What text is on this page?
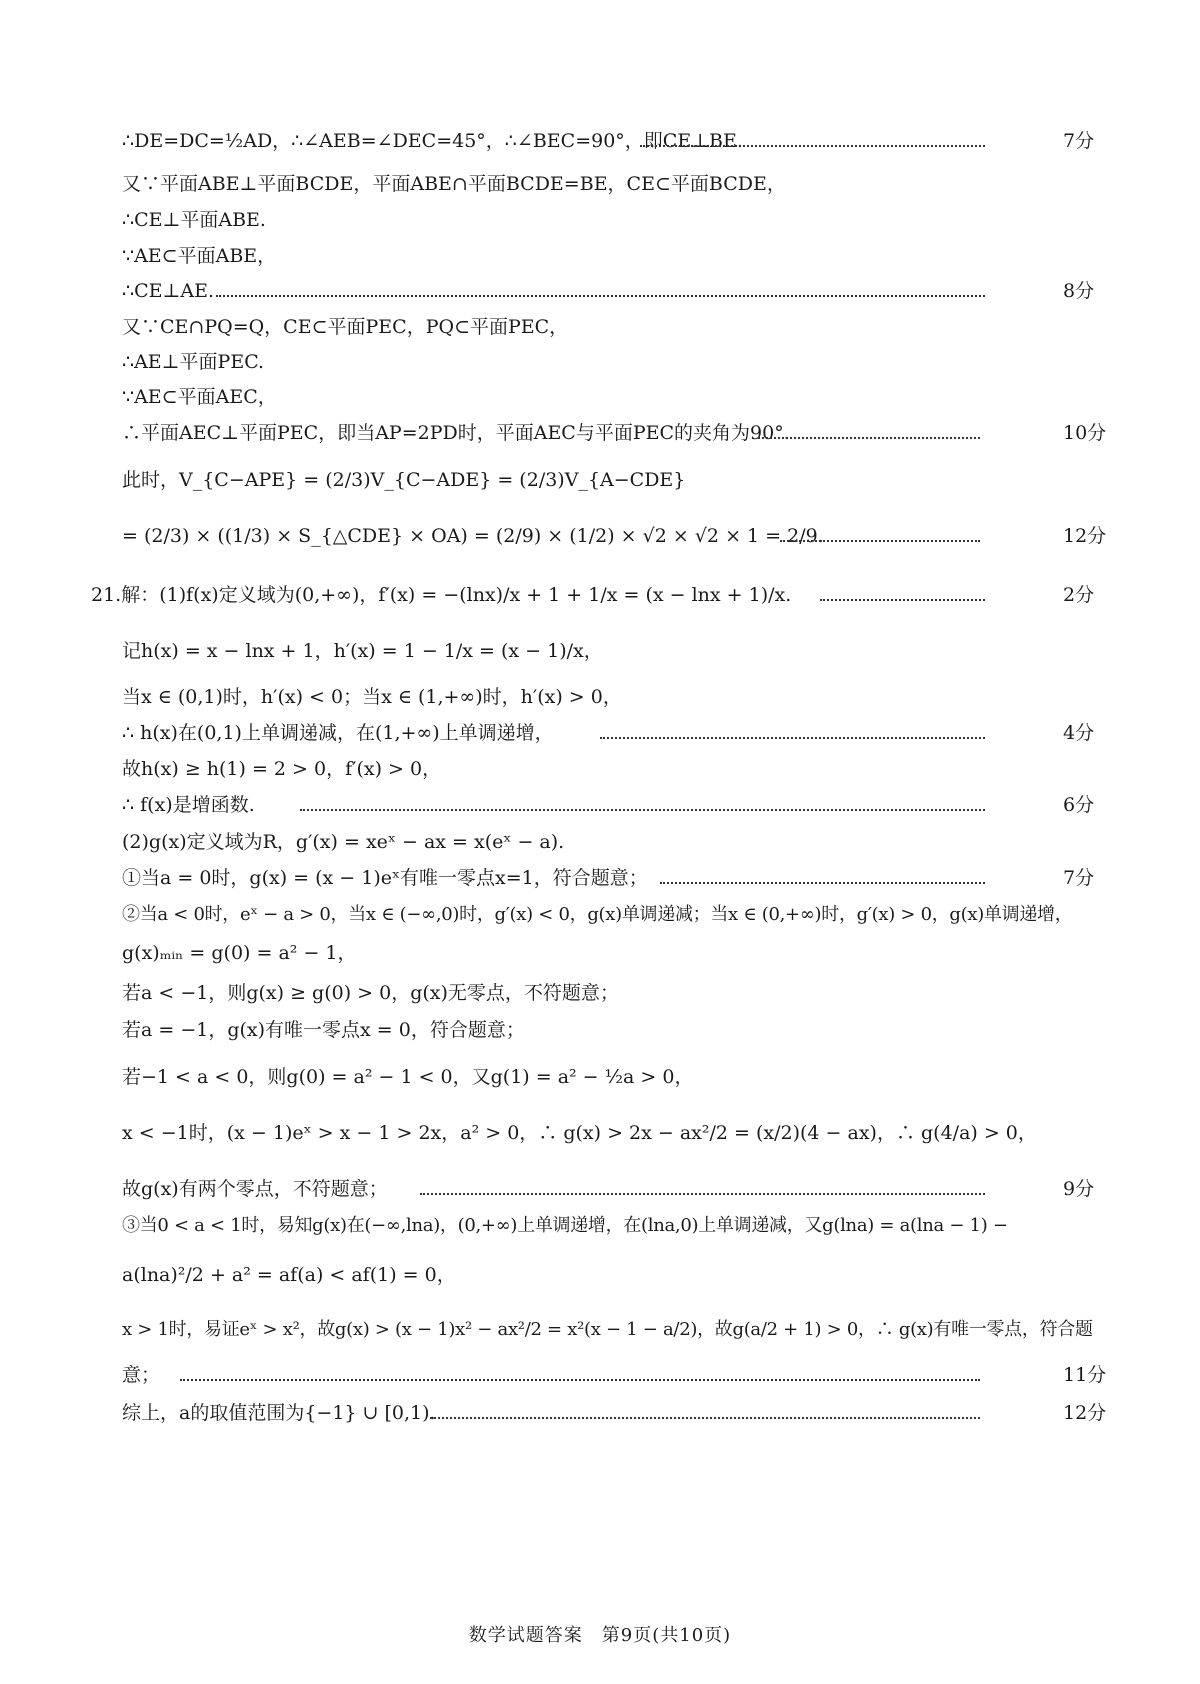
∴DE=DC=½AD，∴∠AEB=∠DEC=45°，∴∠BEC=90°，即CE⊥BE.	7分
又∵平面ABE⊥平面BCDE，平面ABE∩平面BCDE=BE，CE⊂平面BCDE，
∴CE⊥平面ABE.
∵AE⊂平面ABE，
∴CE⊥AE.	8分
又∵CE∩PQ=Q，CE⊂平面PEC，PQ⊂平面PEC，
∴AE⊥平面PEC.
∵AE⊂平面AEC，
∴平面AEC⊥平面PEC，即当AP=2PD时，平面AEC与平面PEC的夹角为90°.	10分
此时，V_{C−APE} = (2/3)V_{C−ADE} = (2/3)V_{A−CDE}
= (2/3) × ((1/3) × S_{△CDE} × OA) = (2/9) × (1/2) × √2 × √2 × 1 = 2/9.	12分
21.解：(1)f(x)定义域为(0,+∞)，f′(x) = −(lnx)/x + 1 + 1/x = (x − lnx + 1)/x.	2分
记h(x) = x − lnx + 1，h′(x) = 1 − 1/x = (x − 1)/x，
当x ∈ (0,1)时，h′(x) < 0；当x ∈ (1,+∞)时，h′(x) > 0，
∴ h(x)在(0,1)上单调递减，在(1,+∞)上单调递增，	4分
故h(x) ≥ h(1) = 2 > 0，f′(x) > 0，
∴ f(x)是增函数.	6分
(2)g(x)定义域为R，g′(x) = xeˣ − ax = x(eˣ − a).
①当a = 0时，g(x) = (x − 1)eˣ有唯一零点x=1，符合题意；	7分
②当a < 0时，eˣ − a > 0，当x ∈ (−∞,0)时，g′(x) < 0，g(x)单调递减；当x ∈ (0,+∞)时，g′(x) > 0，g(x)单调递增，
g(x)ₘᵢₙ = g(0) = a² − 1，
若a < −1，则g(x) ≥ g(0) > 0，g(x)无零点，不符题意；
若a = −1，g(x)有唯一零点x = 0，符合题意；
若−1 < a < 0，则g(0) = a² − 1 < 0，又g(1) = a² − ½a > 0，
x < −1时，(x − 1)eˣ > x − 1 > 2x，a² > 0，∴ g(x) > 2x − ax²/2 = (x/2)(4 − ax)，∴ g(4/a) > 0，
故g(x)有两个零点，不符题意；	9分
③当0 < a < 1时，易知g(x)在(−∞,lna)，(0,+∞)上单调递增，在(lna,0)上单调递减，又g(lna) = a(lna − 1) −
a(lna)²/2 + a² = af(a) < af(1) = 0，
x > 1时，易证eˣ > x²，故g(x) > (x − 1)x² − ax²/2 = x²(x − 1 − a/2)，故g(a/2 + 1) > 0，∴ g(x)有唯一零点，符合题
意；	11分
综上，a的取值范围为{−1} ∪ [0,1).	12分
数学试题答案　第9页(共10页)
